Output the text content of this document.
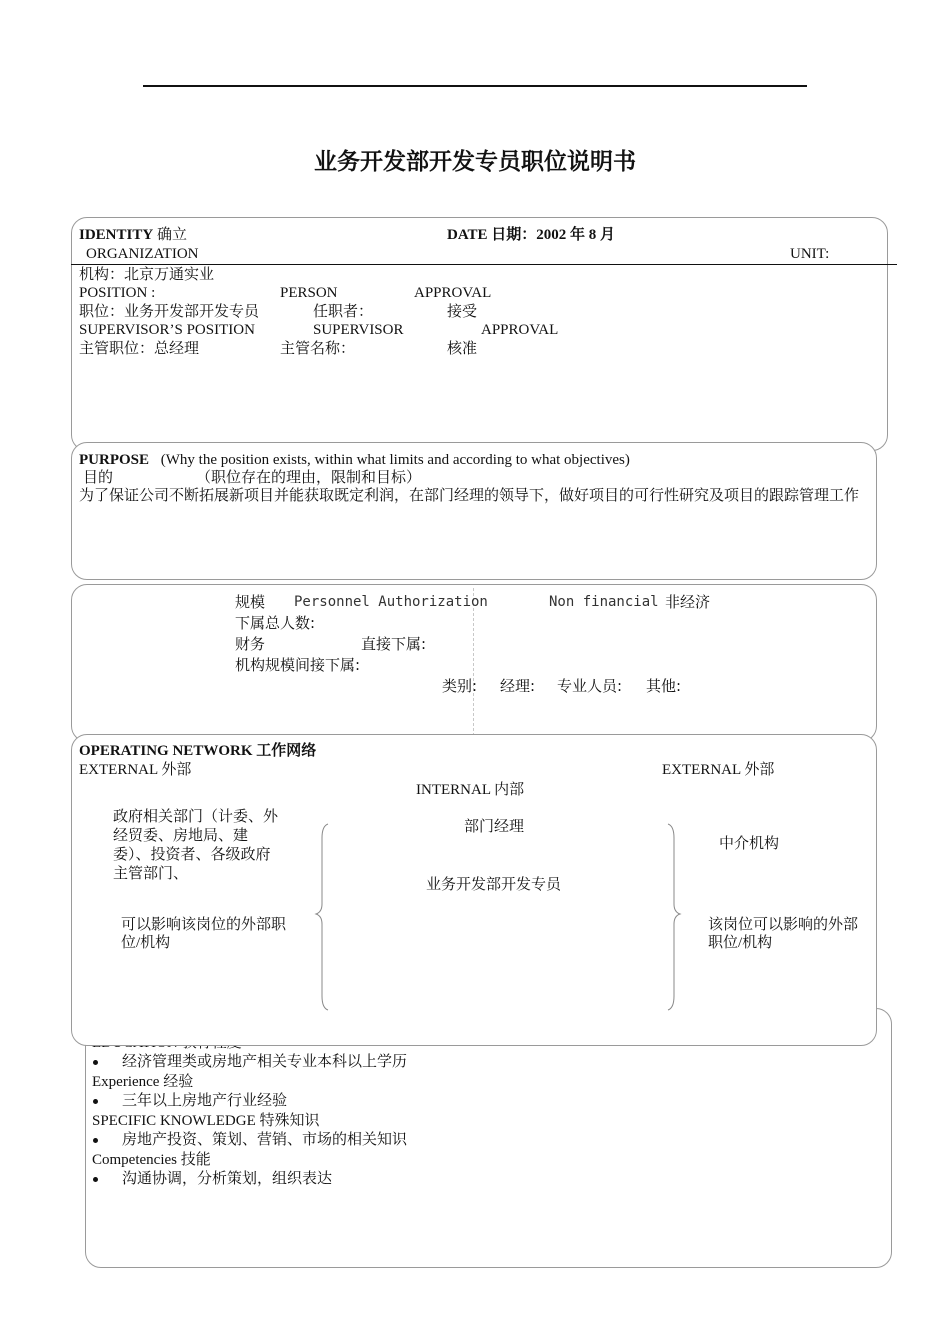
业务开发部开发专员职位说明书
经济管理类或房地产相关专业本科以上学历
Experience 经验
三年以上房地产行业经验
SPECIFIC KNOWLEDGE 特殊知识
房地产投资、策划、营销、市场的相关知识
Competencies 技能
沟通协调，分析策划，组织表达
IDENTITY 确立	DATE 日期：2002 年 8 月
ORGANIZATION	UNIT:
机构：北京万通实业
POSITION :	PERSON	APPROVAL
职位：业务开发部开发专员	任职者：	接受
SUPERVISOR’S POSITION	SUPERVISOR	APPROVAL
主管职位：总经理	主管名称：	核准
PURPOSE (Why the position exists, within what limits and according to what objectives)
目的	（职位存在的理由，限制和目标）
为了保证公司不断拓展新项目并能获取既定利润，在部门经理的领导下，做好项目的可行性研究及项目的跟踪管理工作
规模 Personnel Authorization	Non financial 非经济
下属总人数:
财务	直接下属:
机构规模间接下属:
类别: 经理: 专业人员: 其他:
OPERATING NETWORK 工作网络
EXTERNAL 外部	EXTERNAL 外部
INTERNAL 内部
政府相关部门（计委、外经贸委、房地局、建委）、投资者、各级政府主管部门、
可以影响该岗位的外部职位/机构
部门经理
业务开发部开发专员
中介机构
该岗位可以影响的外部职位/机构
